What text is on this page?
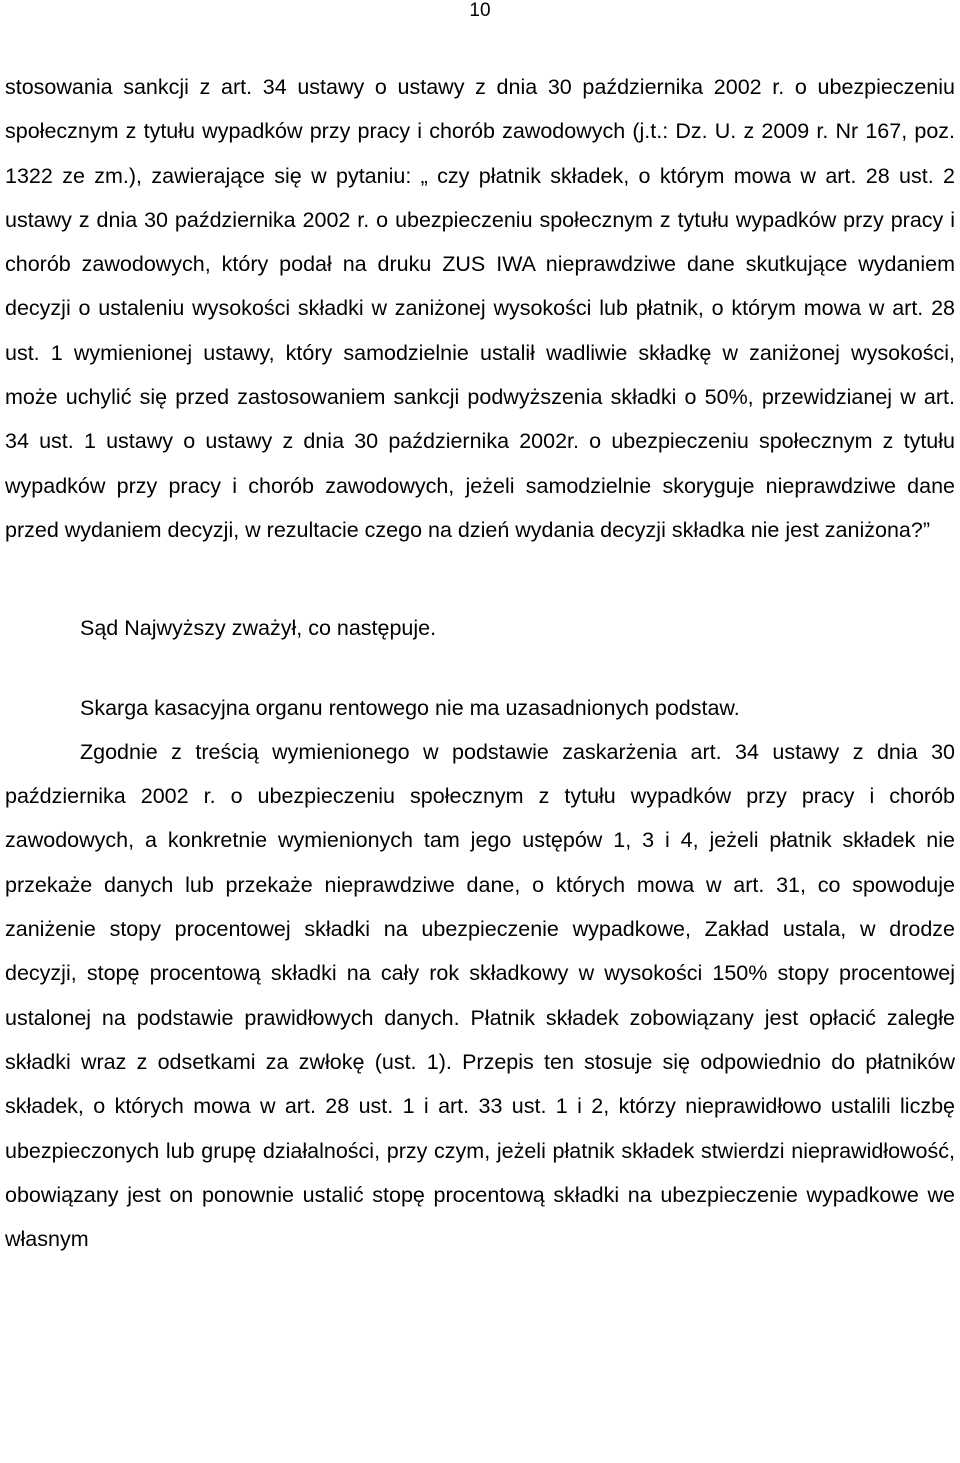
10

stosowania sankcji z art. 34 ustawy o ustawy z dnia 30 października 2002 r. o ubezpieczeniu społecznym z tytułu wypadków przy pracy i chorób zawodowych (j.t.: Dz. U. z 2009 r. Nr 167, poz. 1322 ze zm.), zawierające się w pytaniu: „ czy płatnik składek, o którym mowa w art. 28 ust. 2 ustawy z dnia 30 października 2002 r. o ubezpieczeniu społecznym z tytułu wypadków przy pracy i chorób zawodowych, który podał na druku ZUS IWA nieprawdziwe dane skutkujące wydaniem decyzji o ustaleniu wysokości składki w zaniżonej wysokości lub płatnik, o którym mowa w art. 28 ust. 1 wymienionej ustawy, który samodzielnie ustalił wadliwie składkę w zaniżonej wysokości, może uchylić się przed zastosowaniem sankcji podwyższenia składki o 50%, przewidzianej w art. 34 ust. 1 ustawy o ustawy z dnia 30 października 2002r. o ubezpieczeniu społecznym z tytułu wypadków przy pracy i chorób zawodowych, jeżeli samodzielnie skoryguje nieprawdziwe dane przed wydaniem decyzji, w rezultacie czego na dzień wydania decyzji składka nie jest zaniżona?”

Sąd Najwyższy zważył, co następuje.

Skarga kasacyjna organu rentowego nie ma uzasadnionych podstaw.

Zgodnie z treścią wymienionego w podstawie zaskarżenia art. 34 ustawy z dnia 30 października 2002 r. o ubezpieczeniu społecznym z tytułu wypadków przy pracy i chorób zawodowych, a konkretnie wymienionych tam jego ustępów 1, 3 i 4, jeżeli płatnik składek nie przekaże danych lub przekaże nieprawdziwe dane, o których mowa w art. 31, co spowoduje zaniżenie stopy procentowej składki na ubezpieczenie wypadkowe, Zakład ustala, w drodze decyzji, stopę procentową składki na cały rok składkowy w wysokości 150% stopy procentowej ustalonej na podstawie prawidłowych danych. Płatnik składek zobowiązany jest opłacić zaległe składki wraz z odsetkami za zwłokę (ust. 1). Przepis ten stosuje się odpowiednio do płatników składek, o których mowa w art. 28 ust. 1 i art. 33 ust. 1 i 2, którzy nieprawidłowo ustalili liczbę ubezpieczonych lub grupę działalności, przy czym, jeżeli płatnik składek stwierdzi nieprawidłowość, obowiązany jest on ponownie ustalić stopę procentową składki na ubezpieczenie wypadkowe we własnym
